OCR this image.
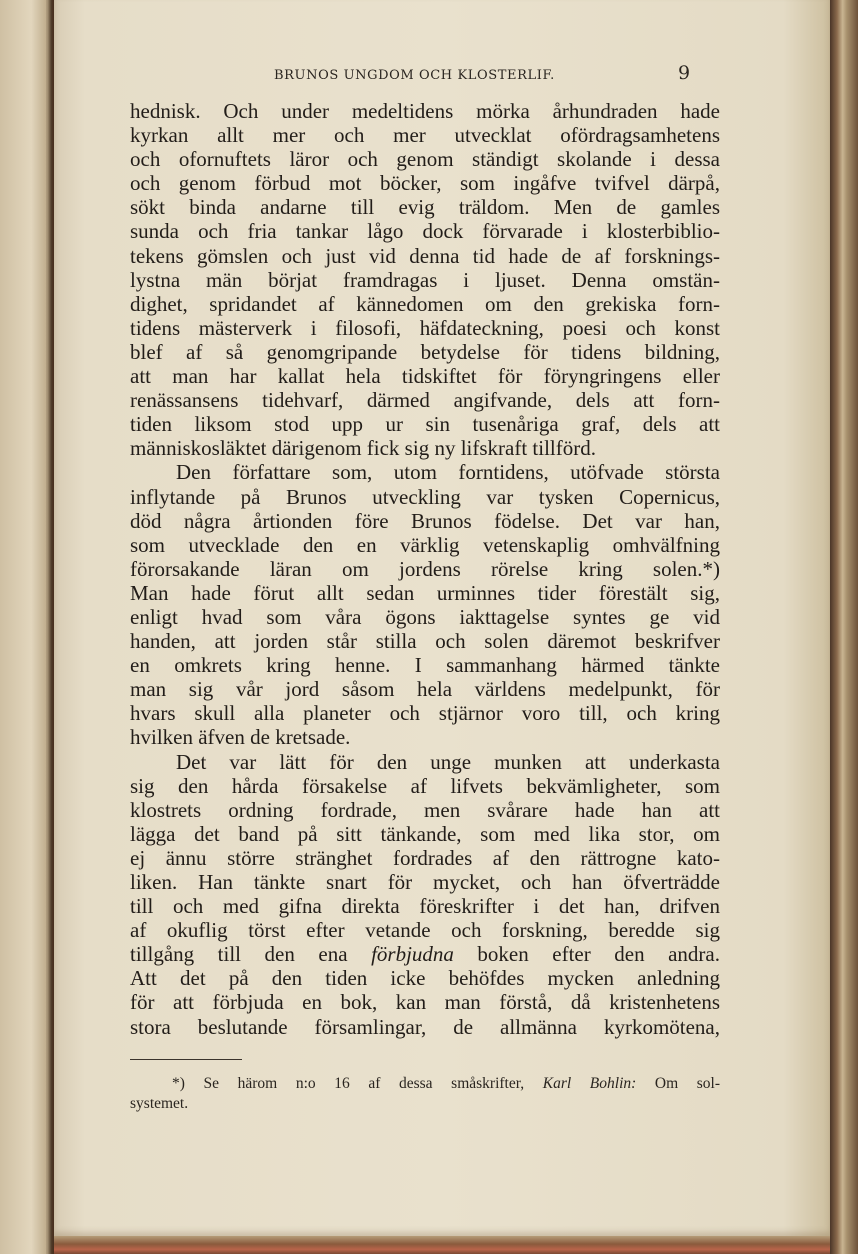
BRUNOS UNGDOM OCH KLOSTERLIF.	9
hednisk. Och under medeltidens mörka århundraden hade
kyrkan allt mer och mer utvecklat ofördragsamhetens
och ofornuftets läror och genom ständigt skolande i dessa
och genom förbud mot böcker, som ingåfve tvifvel därpå,
sökt binda andarne till evig träldom. Men de gamles
sunda och fria tankar lågo dock förvarade i klosterbiblio-
tekens gömslen och just vid denna tid hade de af forsknings-
lystna män börjat framdragas i ljuset. Denna omstän-
dighet, spridandet af kännedomen om den grekiska forn-
tidens mästerverk i filosofi, häfdateckning, poesi och konst
blef af så genomgripande betydelse för tidens bildning,
att man har kallat hela tidskiftet för föryngringens eller
renässansens tidehvarf, därmed angifvande, dels att forn-
tiden liksom stod upp ur sin tusenåriga graf, dels att
människosläktet därigenom fick sig ny lifskraft tillförd.
Den författare som, utom forntidens, utöfvade största
inflytande på Brunos utveckling var tysken Copernicus,
död några årtionden före Brunos födelse. Det var han,
som utvecklade den en värklig vetenskaplig omhvälfning
förorsakande läran om jordens rörelse kring solen.*)
Man hade förut allt sedan urminnes tider förestält sig,
enligt hvad som våra ögons iakttagelse syntes ge vid
handen, att jorden står stilla och solen däremot beskrifver
en omkrets kring henne. I sammanhang härmed tänkte
man sig vår jord såsom hela världens medelpunkt, för
hvars skull alla planeter och stjärnor voro till, och kring
hvilken äfven de kretsade.
Det var lätt för den unge munken att underkasta
sig den hårda försakelse af lifvets bekvämligheter, som
klostrets ordning fordrade, men svårare hade han att
lägga det band på sitt tänkande, som med lika stor, om
ej ännu större stränghet fordrades af den rättrogne kato-
liken. Han tänkte snart för mycket, och han öfverträdde
till och med gifna direkta föreskrifter i det han, drifven
af okuflig törst efter vetande och forskning, beredde sig
tillgång till den ena förbjudna boken efter den andra.
Att det på den tiden icke behöfdes mycken anledning
för att förbjuda en bok, kan man förstå, då kristenhetens
stora beslutande församlingar, de allmänna kyrkomötena,
*) Se härom n:o 16 af dessa småskrifter, Karl Bohlin: Om sol-
systemet.
